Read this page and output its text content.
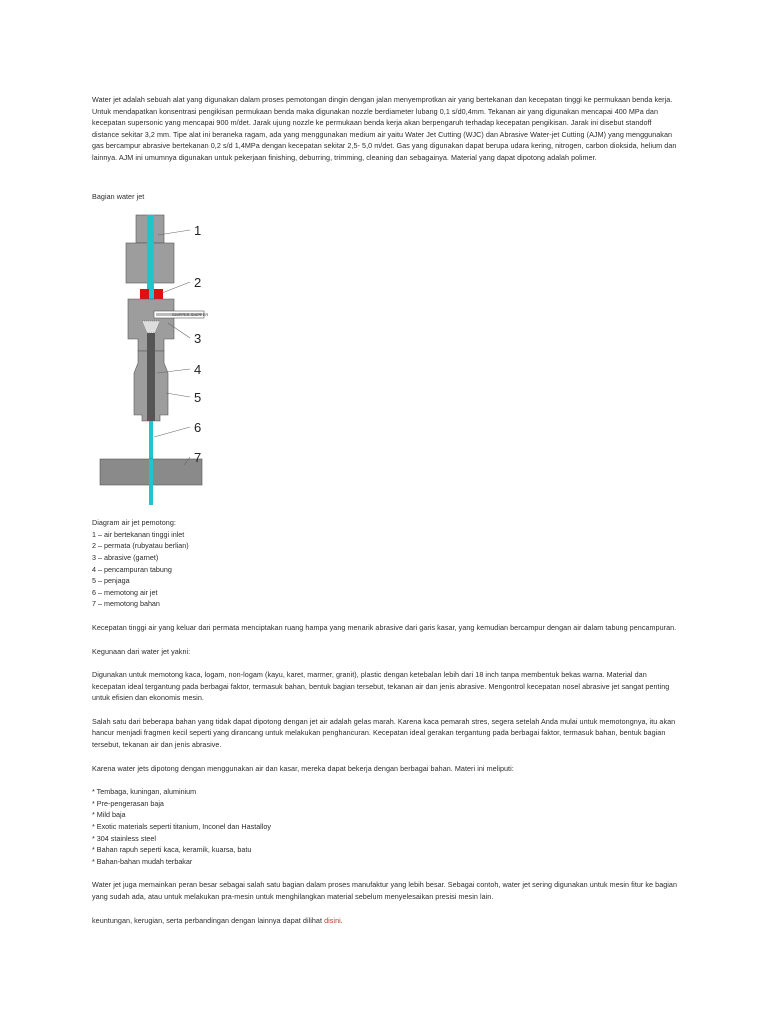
Water jet adalah sebuah alat yang digunakan dalam proses pemotongan dingin dengan jalan menyemprotkan air yang bertekanan dan kecepatan tinggi ke permukaan benda kerja. Untuk mendapatkan konsentrasi pengikisan permukaan benda maka digunakan nozzle berdiameter lubang 0,1 s/d0,4mm. Tekanan air yang digunakan mencapai 400 MPa dan kecepatan supersonic yang mencapai 900 m/det. Jarak ujung nozzle ke permukaan benda kerja akan berpengaruh terhadap kecepatan pengikisan. Jarak ini disebut standoff distance sekitar 3,2 mm. Tipe alat ini beraneka ragam, ada yang menggunakan medium air yaitu Water Jet Cutting (WJC) dan Abrasive Water-jet Cutting (AJM) yang menggunakan gas bercampur abrasive bertekanan 0,2 s/d 1,4MPa dengan kecepatan sekitar 2,5- 5,0 m/det. Gas yang digunakan dapat berupa udara kering, nitrogen, carbon dioksida, helium dan lainnya. AJM ini umumnya digunakan untuk pekerjaan finishing, deburring, trimming, cleaning dan sebagainya. Material yang dapat dipotong adalah polimer.

Bagian water jet

1
2
3
4
5
6
7
SHIPPER SHIPPER

Diagram air jet pemotong:

1 – air bertekanan tinggi inlet
2 – permata (rubyatau berlian)
3 – abrasive (garnet)
4 – pencampuran tabung
5 – penjaga
6 – memotong air jet
7 – memotong bahan

Kecepatan tinggi air yang keluar dari permata menciptakan ruang hampa yang menarik abrasive dari garis kasar, yang kemudian bercampur dengan air dalam tabung pencampuran.

Kegunaan dari water jet yakni:

Digunakan untuk memotong kaca, logam, non-logam (kayu, karet, marmer, granit), plastic dengan ketebalan lebih dari 18 inch tanpa membentuk bekas warna. Material dan kecepatan ideal tergantung pada berbagai faktor, termasuk bahan, bentuk bagian tersebut, tekanan air dan jenis abrasive. Mengontrol kecepatan nosel abrasive jet sangat penting untuk efisien dan ekonomis mesin.

Salah satu dari beberapa bahan yang tidak dapat dipotong dengan jet air adalah gelas marah. Karena kaca pemarah stres, segera setelah Anda mulai untuk memotongnya, itu akan hancur menjadi fragmen kecil seperti yang dirancang untuk melakukan penghancuran. Kecepatan ideal gerakan tergantung pada berbagai faktor, termasuk bahan, bentuk bagian tersebut, tekanan air dan jenis abrasive.

Karena water jets dipotong dengan menggunakan air dan kasar, mereka dapat bekerja dengan berbagai bahan. Materi ini meliputi:

* Tembaga, kuningan, aluminium
* Pre-pengerasan baja
* Mild baja
* Exotic materials seperti titanium, Inconel dan Hastalloy
* 304 stainless steel
* Bahan rapuh seperti kaca, keramik, kuarsa, batu
* Bahan-bahan mudah terbakar

Water jet juga memainkan peran besar sebagai salah satu bagian dalam proses manufaktur yang lebih besar. Sebagai contoh, water jet sering digunakan untuk mesin fitur ke bagian yang sudah ada, atau untuk melakukan pra-mesin untuk menghilangkan material sebelum menyelesaikan presisi mesin lain.

keuntungan, kerugian, serta perbandingan dengan lainnya dapat dilihat disini.
